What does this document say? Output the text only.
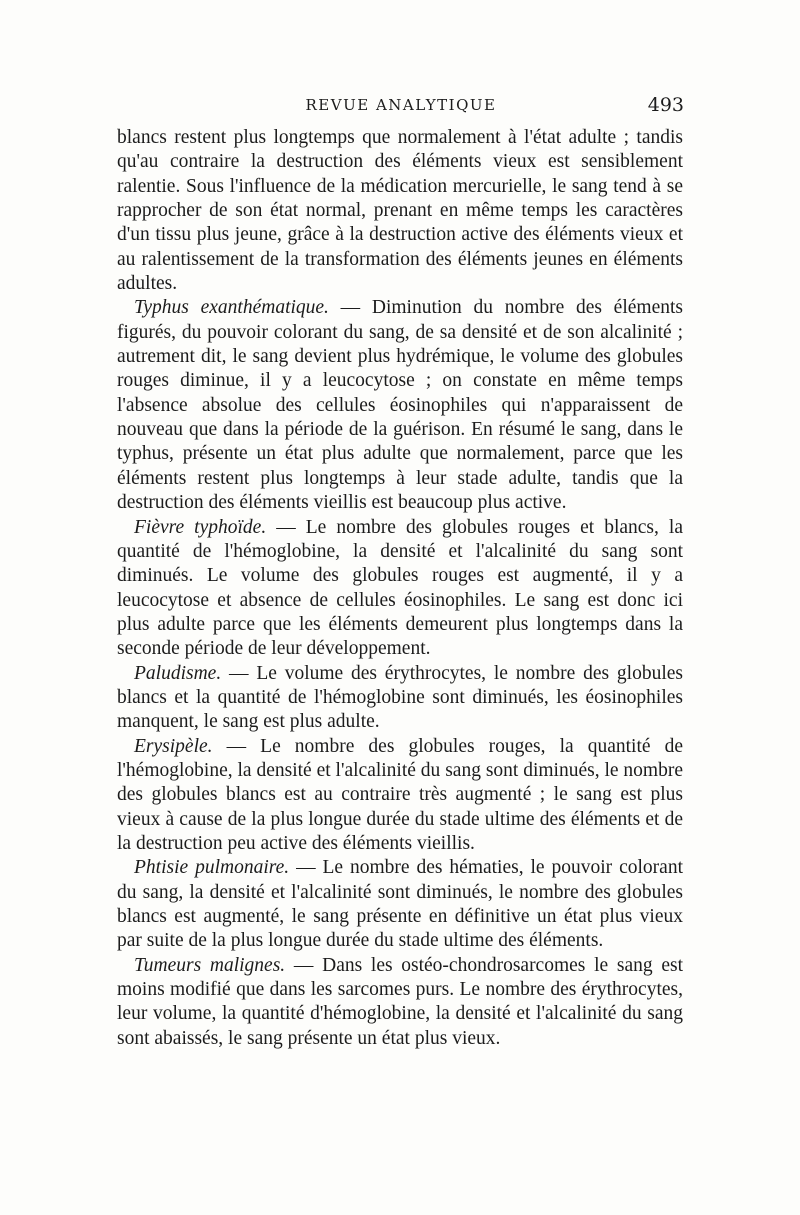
REVUE ANALYTIQUE	493

blancs restent plus longtemps que normalement à l'état adulte ; tandis qu'au contraire la destruction des éléments vieux est sensiblement ralentie. Sous l'influence de la médication mercurielle, le sang tend à se rapprocher de son état normal, prenant en même temps les caractères d'un tissu plus jeune, grâce à la destruction active des éléments vieux et au ralentissement de la transformation des éléments jeunes en éléments adultes.

Typhus exanthématique. — Diminution du nombre des éléments figurés, du pouvoir colorant du sang, de sa densité et de son alcalinité ; autrement dit, le sang devient plus hydrémique, le volume des globules rouges diminue, il y a leucocytose ; on constate en même temps l'absence absolue des cellules éosinophiles qui n'apparaissent de nouveau que dans la période de la guérison. En résumé le sang, dans le typhus, présente un état plus adulte que normalement, parce que les éléments restent plus longtemps à leur stade adulte, tandis que la destruction des éléments vieillis est beaucoup plus active.

Fièvre typhoïde. — Le nombre des globules rouges et blancs, la quantité de l'hémoglobine, la densité et l'alcalinité du sang sont diminués. Le volume des globules rouges est augmenté, il y a leucocytose et absence de cellules éosinophiles. Le sang est donc ici plus adulte parce que les éléments demeurent plus longtemps dans la seconde période de leur développement.

Paludisme. — Le volume des érythrocytes, le nombre des globules blancs et la quantité de l'hémoglobine sont diminués, les éosinophiles manquent, le sang est plus adulte.

Erysipèle. — Le nombre des globules rouges, la quantité de l'hémoglobine, la densité et l'alcalinité du sang sont diminués, le nombre des globules blancs est au contraire très augmenté ; le sang est plus vieux à cause de la plus longue durée du stade ultime des éléments et de la destruction peu active des éléments vieillis.

Phtisie pulmonaire. — Le nombre des hématies, le pouvoir colorant du sang, la densité et l'alcalinité sont diminués, le nombre des globules blancs est augmenté, le sang présente en définitive un état plus vieux par suite de la plus longue durée du stade ultime des éléments.

Tumeurs malignes. — Dans les ostéo-chondrosarcomes le sang est moins modifié que dans les sarcomes purs. Le nombre des érythrocytes, leur volume, la quantité d'hémoglobine, la densité et l'alcalinité du sang sont abaissés, le sang présente un état plus vieux.
